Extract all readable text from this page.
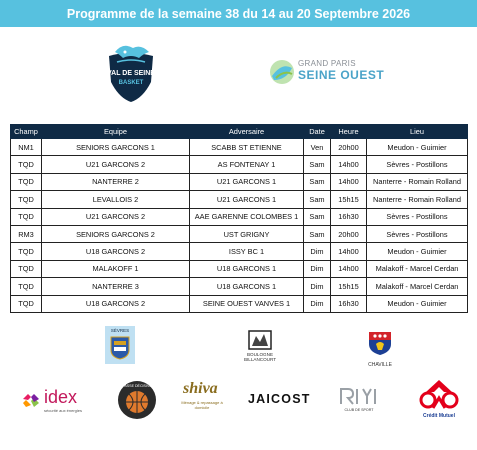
Programme de la semaine 38 du 14 au 20 Septembre 2026
VAL DE SEINE
BASKET
GRAND PARIS
SEINE OUEST
Champ	Equipe	Adversaire	Date	Heure	Lieu
NM1	SENIORS GARCONS 1	SCABB ST ETIENNE	Ven	20h00	Meudon - Guimier
TQD	U21 GARCONS 2	AS FONTENAY 1	Sam	14h00	Sèvres - Postillons
TQD	NANTERRE 2	U21 GARCONS 1	Sam	14h00	Nanterre - Romain Rolland
TQD	LEVALLOIS 2	U21 GARCONS 1	Sam	15h15	Nanterre - Romain Rolland
TQD	U21 GARCONS 2	AAE GARENNE COLOMBES 1	Sam	16h30	Sèvres - Postillons
RM3	SENIORS GARCONS 2	UST GRIGNY	Sam	20h00	Sèvres - Postillons
TQD	U18 GARCONS 2	ISSY BC 1	Dim	14h00	Meudon - Guimier
TQD	MALAKOFF 1	U18 GARCONS 1	Dim	14h00	Malakoff - Marcel Cerdan
TQD	NANTERRE 3	U18 GARCONS 1	Dim	15h15	Malakoff - Marcel Cerdan
TQD	U18 GARCONS 2	SEINE OUEST VANVES 1	Dim	16h30	Meudon - Guimier
SÈVRES
BOULOGNE BILLANCOURT
CHAVILLE
idex
sécurité aux énergies
PASSE DÉCISIVE	shiva
Ménage & repassage à domicile
JAICOST
CLUB DE SPORT
Crédit Mutuel
